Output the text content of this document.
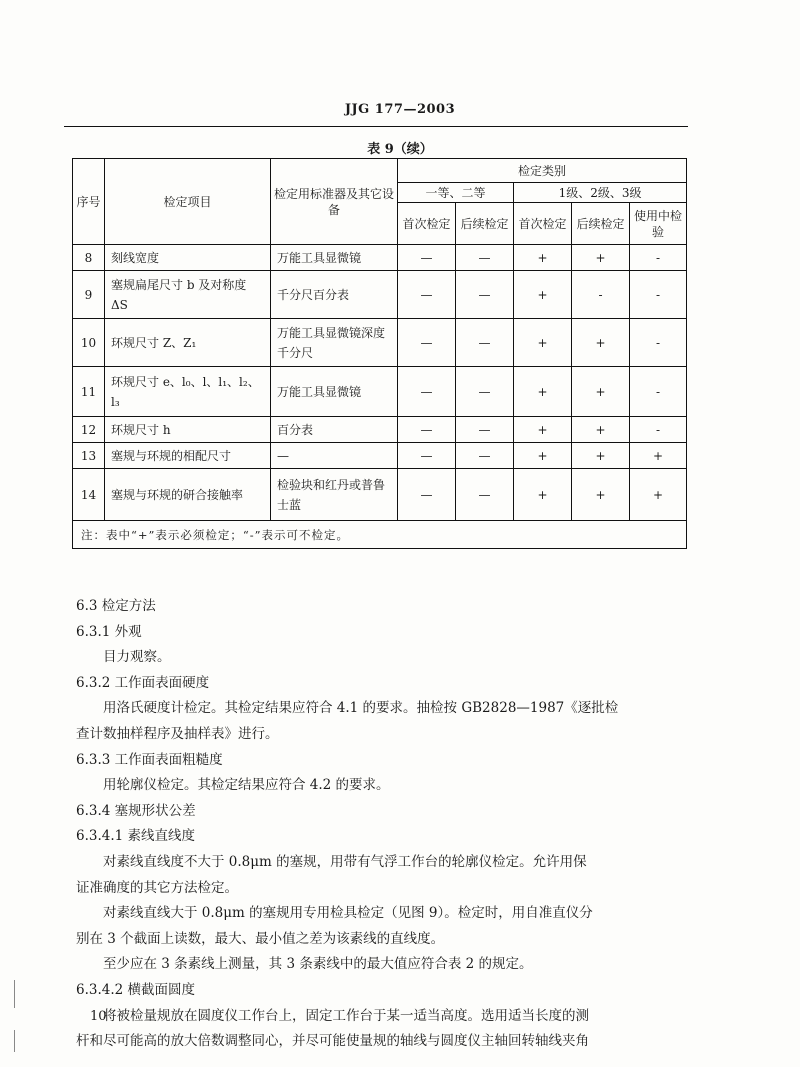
JJG 177—2003
表 9（续）
序号	检定项目	检定用标准器及其它设备	检定类别				
			一等、二等		1级、2级、3级		
			首次检定	后续检定	首次检定	后续检定	使用中检验
8	刻线宽度	万能工具显微镜	—	—	+	+	-
9	塞规扁尾尺寸 b 及对称度 ΔS	千分尺百分表	—	—	+	-	-
10	环规尺寸 Z、Z₁	万能工具显微镜深度千分尺	—	—	+	+	-
11	环规尺寸 e、l₀、l、l₁、l₂、l₃	万能工具显微镜	—	—	+	+	-
12	环规尺寸 h	百分表	—	—	+	+	-
13	塞规与环规的相配尺寸	—	—	—	+	+	+
14	塞规与环规的研合接触率	检验块和红丹或普鲁士蓝	—	—	+	+	+
注：表中“+”表示必须检定；“-”表示可不检定。							

6.3 检定方法

6.3.1 外观

目力观察。

6.3.2 工作面表面硬度

用洛氏硬度计检定。其检定结果应符合 4.1 的要求。抽检按 GB2828—1987《逐批检

查计数抽样程序及抽样表》进行。

6.3.3 工作面表面粗糙度

用轮廓仪检定。其检定结果应符合 4.2 的要求。

6.3.4 塞规形状公差

6.3.4.1 素线直线度

对素线直线度不大于 0.8μm 的塞规，用带有气浮工作台的轮廓仪检定。允许用保

证准确度的其它方法检定。

对素线直线大于 0.8μm 的塞规用专用检具检定（见图 9）。检定时，用自准直仪分

别在 3 个截面上读数，最大、最小值之差为该素线的直线度。

至少应在 3 条素线上测量，其 3 条素线中的最大值应符合表 2 的规定。

6.3.4.2 横截面圆度

将被检量规放在圆度仪工作台上，固定工作台于某一适当高度。选用适当长度的测

杆和尽可能高的放大倍数调整同心，并尽可能使量规的轴线与圆度仪主轴回转轴线夹角

10
